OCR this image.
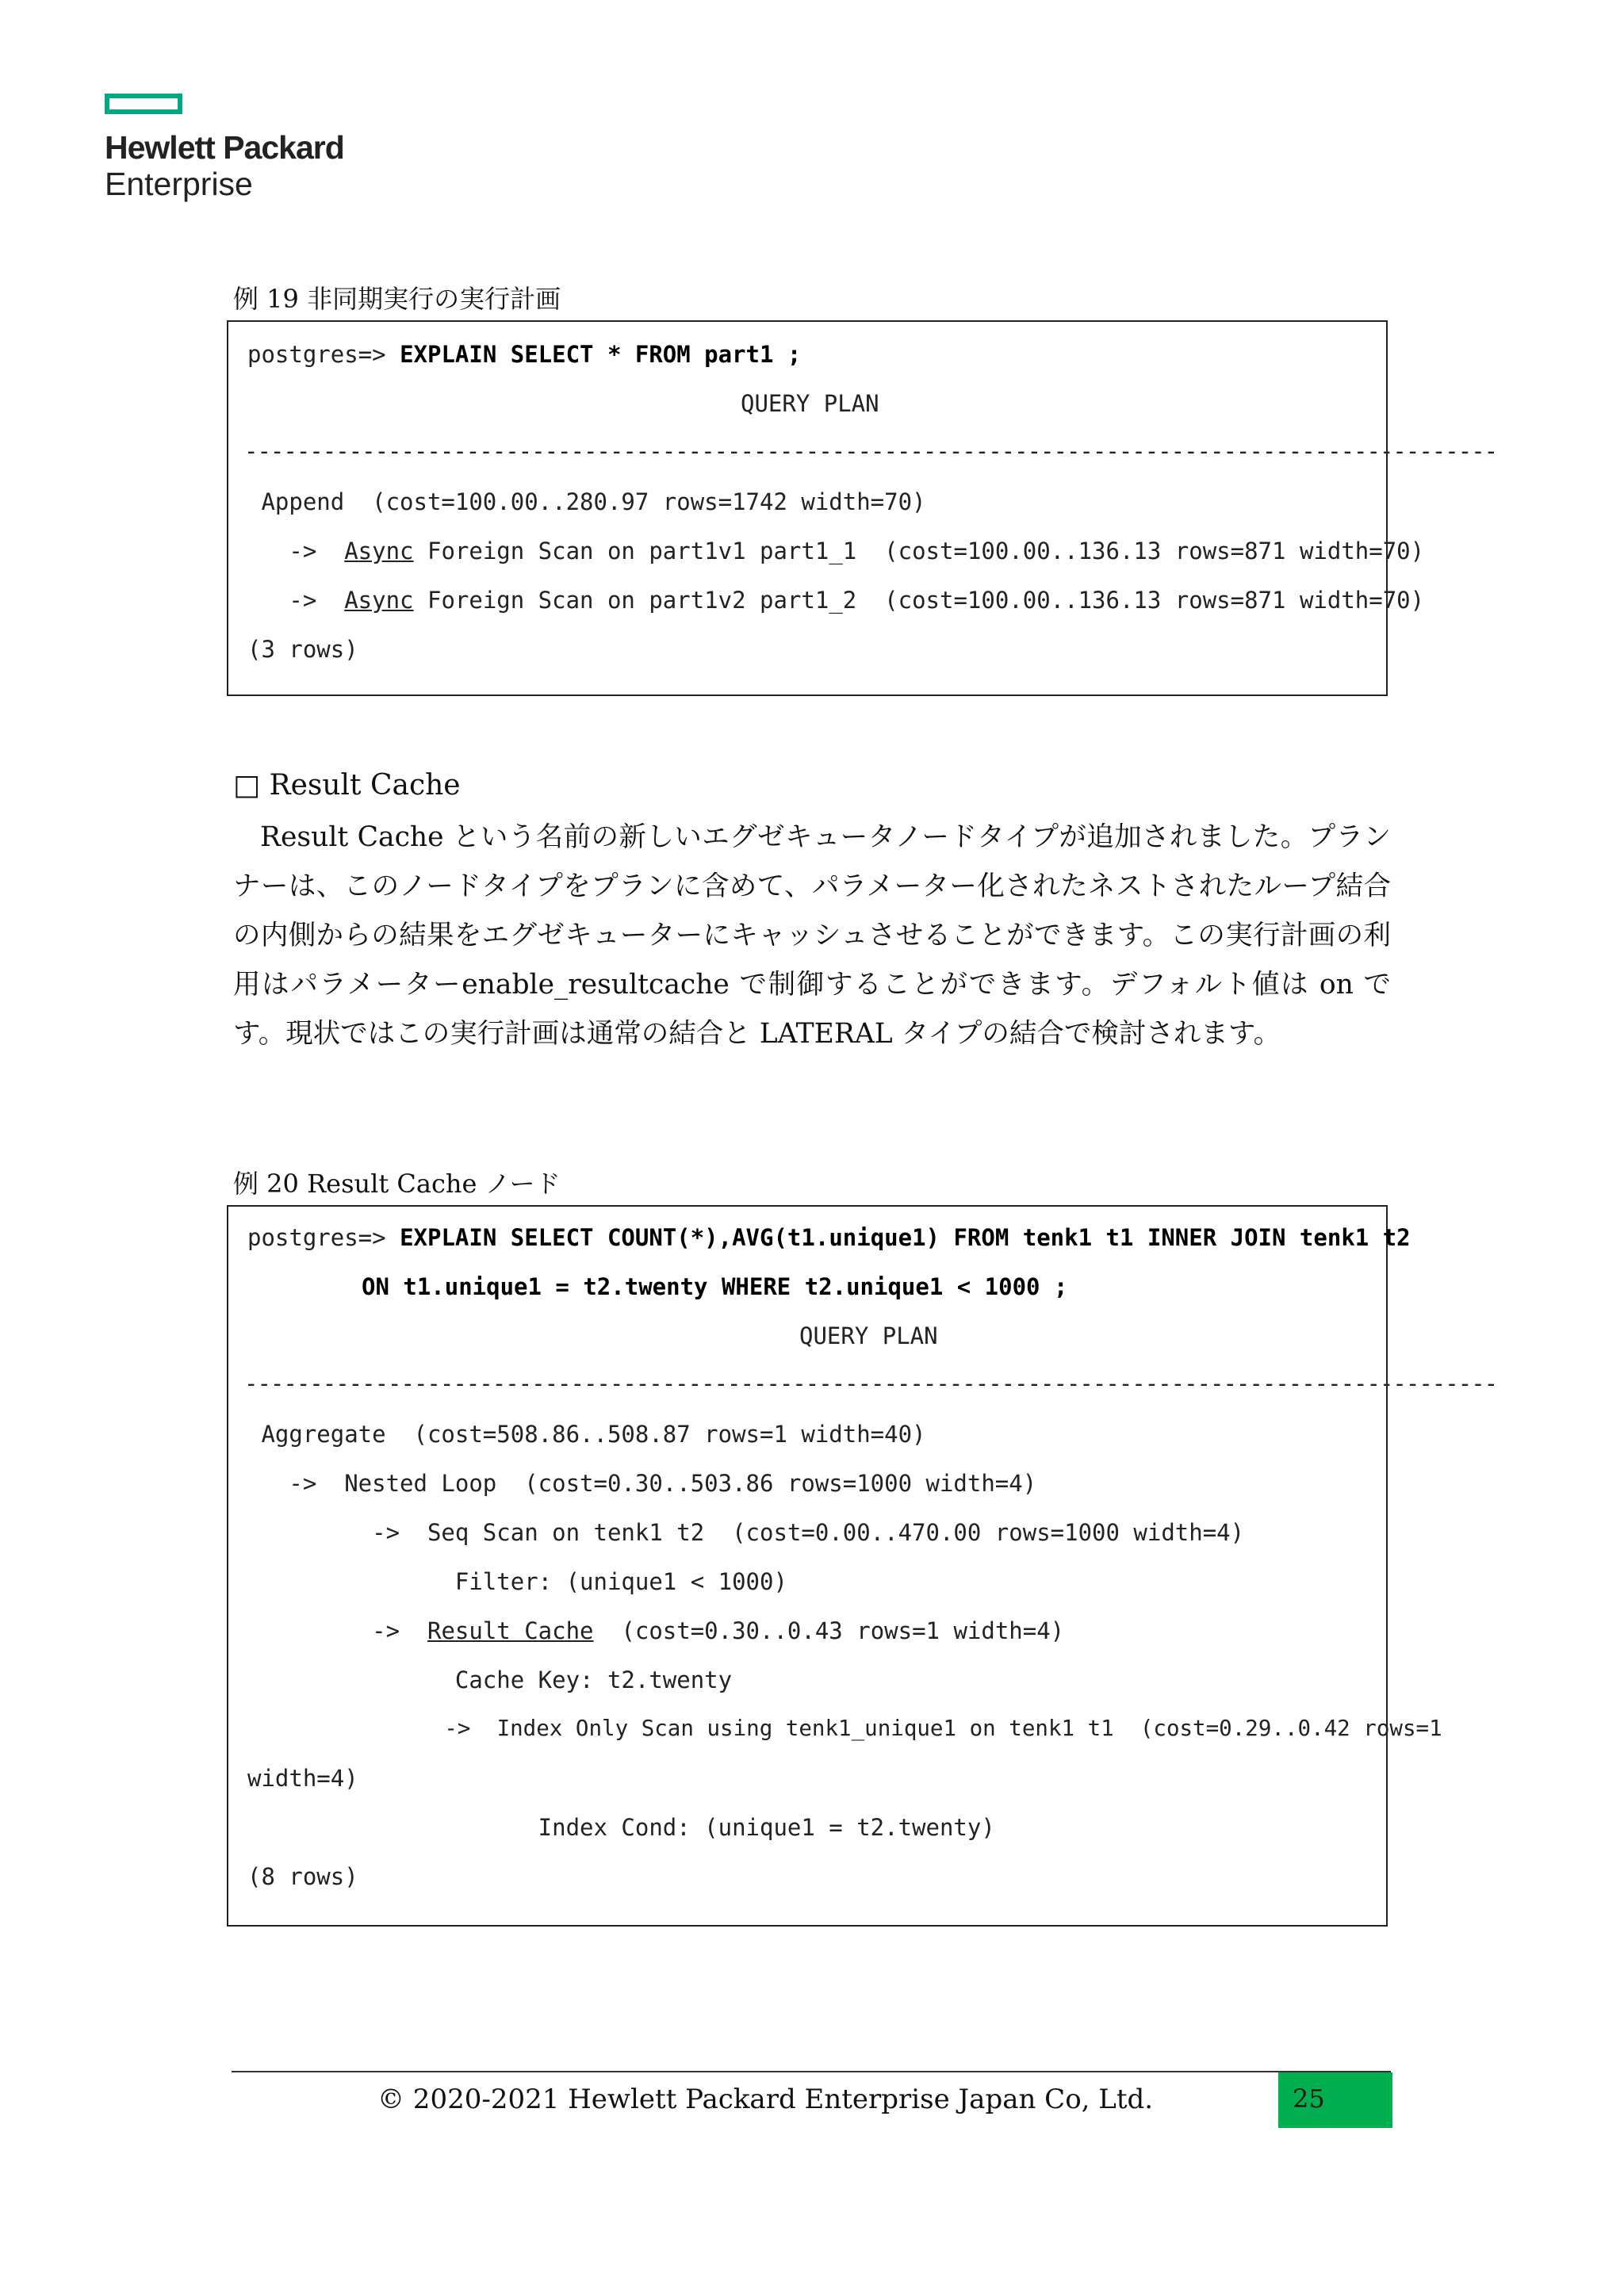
Hewlett Packard
Enterprise
例 19 非同期実行の実行計画
postgres=> EXPLAIN SELECT * FROM part1 ;
QUERY PLAN
------------------------------------------------------------------------------------------------
Append  (cost=100.00..280.97 rows=1742 width=70)
->  Async Foreign Scan on part1v1 part1_1  (cost=100.00..136.13 rows=871 width=70)
->  Async Foreign Scan on part1v2 part1_2  (cost=100.00..136.13 rows=871 width=70)
(3 rows)
□ Result Cache

Result Cache という名前の新しいエグゼキュータノードタイプが追加されました。プランナーは、このノードタイプをプランに含めて、パラメーター化されたネストされたループ結合の内側からの結果をエグゼキューターにキャッシュさせることができます。この実行計画の利用はパラメーターenable_resultcache で制御することができます。デフォルト値は on です。現状ではこの実行計画は通常の結合と LATERAL タイプの結合で検討されます。

例 20 Result Cache ノード
postgres=> EXPLAIN SELECT COUNT(*),AVG(t1.unique1) FROM tenk1 t1 INNER JOIN tenk1 t2
ON t1.unique1 = t2.twenty WHERE t2.unique1 < 1000 ;
QUERY PLAN
------------------------------------------------------------------------------------------------
Aggregate  (cost=508.86..508.87 rows=1 width=40)
->  Nested Loop  (cost=0.30..503.86 rows=1000 width=4)
->  Seq Scan on tenk1 t2  (cost=0.00..470.00 rows=1000 width=4)
Filter: (unique1 < 1000)
->  Result Cache  (cost=0.30..0.43 rows=1 width=4)
Cache Key: t2.twenty
->  Index Only Scan using tenk1_unique1 on tenk1 t1  (cost=0.29..0.42 rows=1
width=4)
Index Cond: (unique1 = t2.twenty)
(8 rows)
© 2020-2021 Hewlett Packard Enterprise Japan Co, Ltd.	25
